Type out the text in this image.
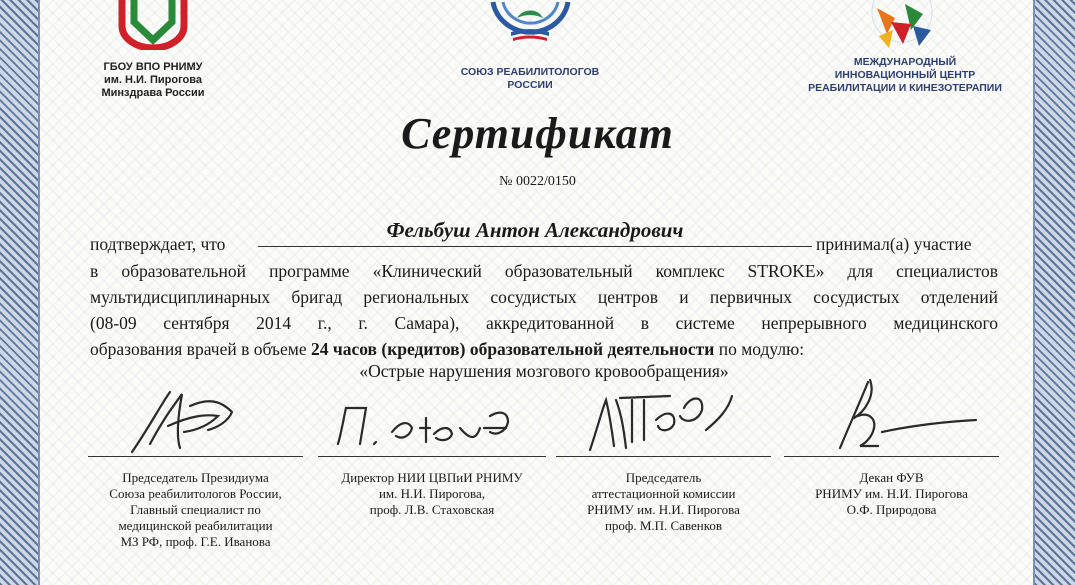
ГБОУ ВПО РНИМУ
им. Н.И. Пирогова
Минздрава России
СОЮЗ РЕАБИЛИТОЛОГОВ
РОССИИ
МЕЖДУНАРОДНЫЙ
ИННОВАЦИОННЫЙ ЦЕНТР
РЕАБИЛИТАЦИИ И КИНЕЗОТЕРАПИИ
Сертификат
№ 0022/0150
Фельбуш Антон Александрович
подтверждает, что	принимал(а) участие
в образовательной программе «Клинический образовательный комплекс STROKE» для специалистов
мультидисциплинарных бригад региональных сосудистых центров и первичных сосудистых отделений
(08-09 сентября 2014 г., г. Самара), аккредитованной в системе непрерывного медицинского
образования врачей в объеме 24 часов (кредитов) образовательной деятельности по модулю:
«Острые нарушения мозгового кровообращения»
Председатель Президиума
Союза реабилитологов России,
Главный специалист по
медицинской реабилитации
МЗ РФ, проф. Г.Е. Иванова
Директор НИИ ЦВПиИ РНИМУ
им. Н.И. Пирогова,
проф. Л.В. Стаховская
Председатель
аттестационной комиссии
РНИМУ им. Н.И. Пирогова
проф. М.П. Савенков
Декан ФУВ
РНИМУ им. Н.И. Пирогова
О.Ф. Природова
